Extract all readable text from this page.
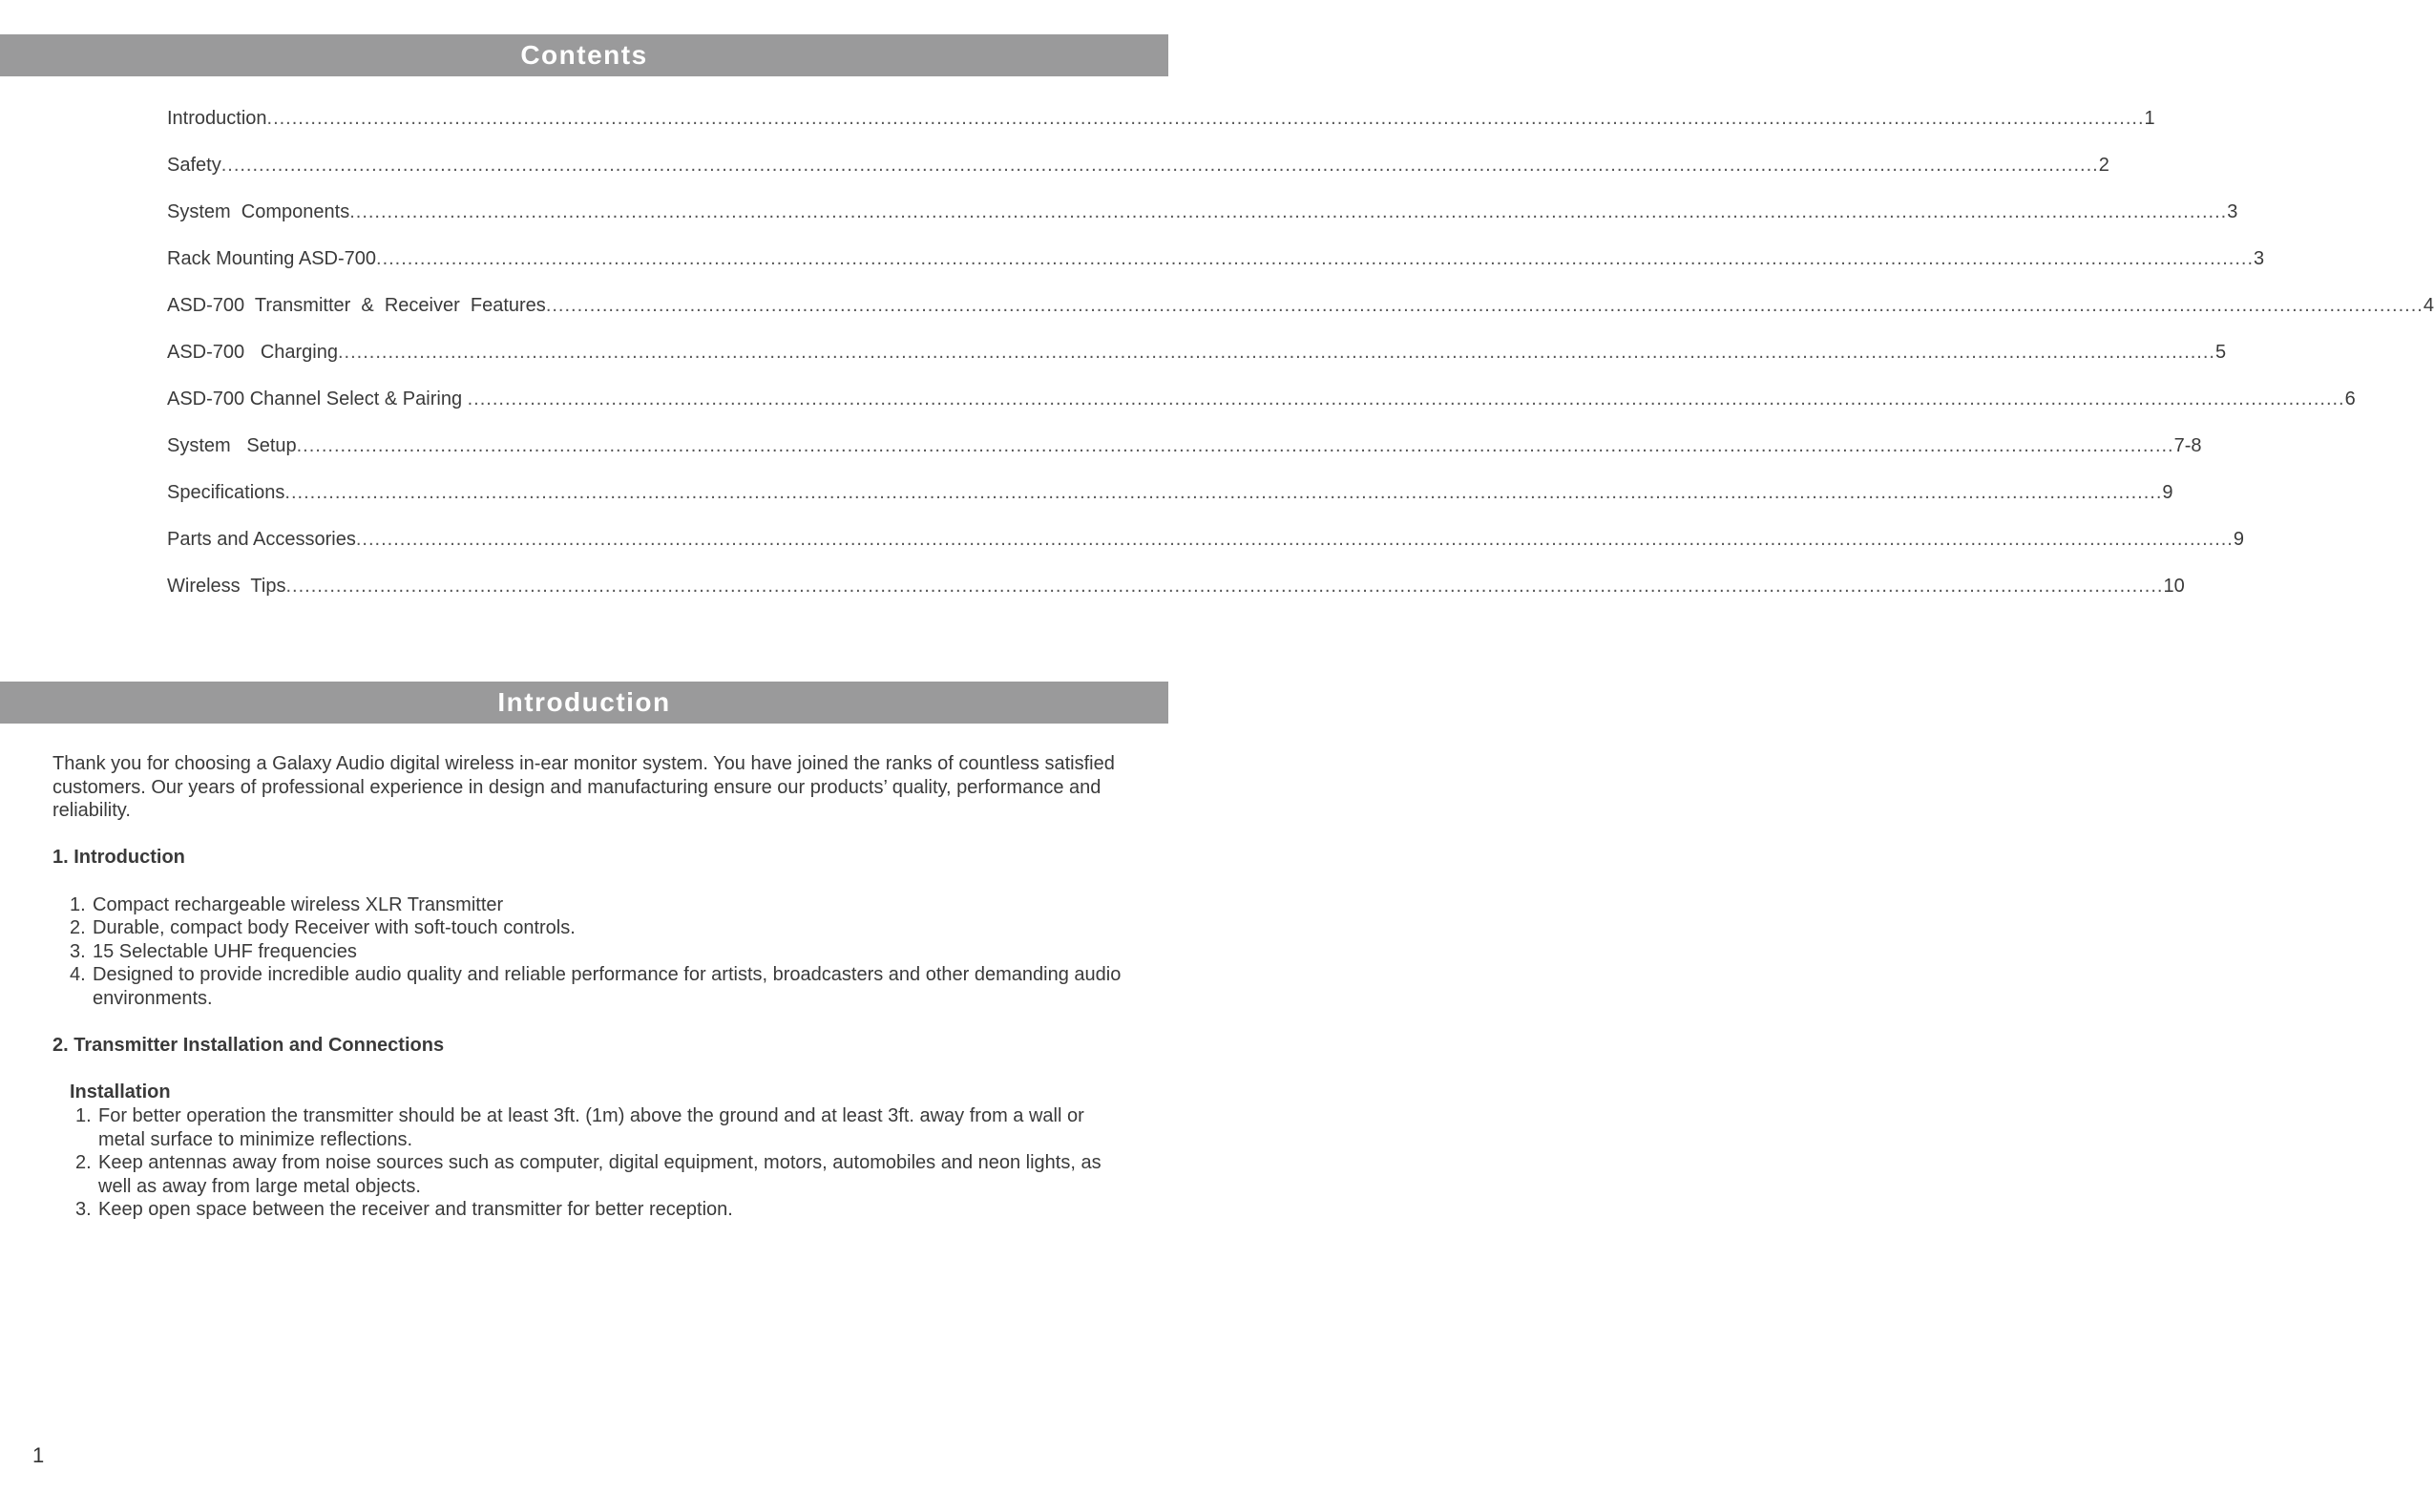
Contents
Introduction ............................................................................................................................................................................................................................................................................................................ 1
Safety ............................................................................................................................................................................................................................................................................................................ 2
System  Components ............................................................................................................................................................................................................................................................................................................ 3
Rack Mounting ASD-700 ............................................................................................................................................................................................................................................................................................................ 3
ASD-700  Transmitter  &  Receiver  Features ............................................................................................................................................................................................................................................................................................................ 4
ASD-700   Charging ............................................................................................................................................................................................................................................................................................................ 5
ASD-700 Channel Select & Pairing ............................................................................................................................................................................................................................................................................................................ 6
System   Setup ............................................................................................................................................................................................................................................................................................................ 7-8
Specifications ............................................................................................................................................................................................................................................................................................................ 9
Parts and Accessories ............................................................................................................................................................................................................................................................................................................ 9
Wireless  Tips ............................................................................................................................................................................................................................................................................................................ 10
Introduction

Thank you for choosing a Galaxy Audio digital wireless in-ear monitor system. You have joined the ranks of countless satisfied customers. Our years of professional experience in design and manufacturing ensure our products’ quality, performance and reliability.

1. Introduction

1. Compact rechargeable wireless XLR Transmitter
2. Durable, compact body Receiver with soft-touch controls.
3. 15 Selectable UHF frequencies
4. Designed to provide incredible audio quality and reliable performance for artists, broadcasters and other demanding audio environments.

2. Transmitter Installation and Connections

Installation

1. For better operation the transmitter should be at least 3ft. (1m) above the ground and at least 3ft. away from a wall or metal surface to minimize reflections.
2. Keep antennas away from noise sources such as computer, digital equipment, motors, automobiles and neon lights, as well as away from large metal objects.
3. Keep open space between the receiver and transmitter for better reception.
1
